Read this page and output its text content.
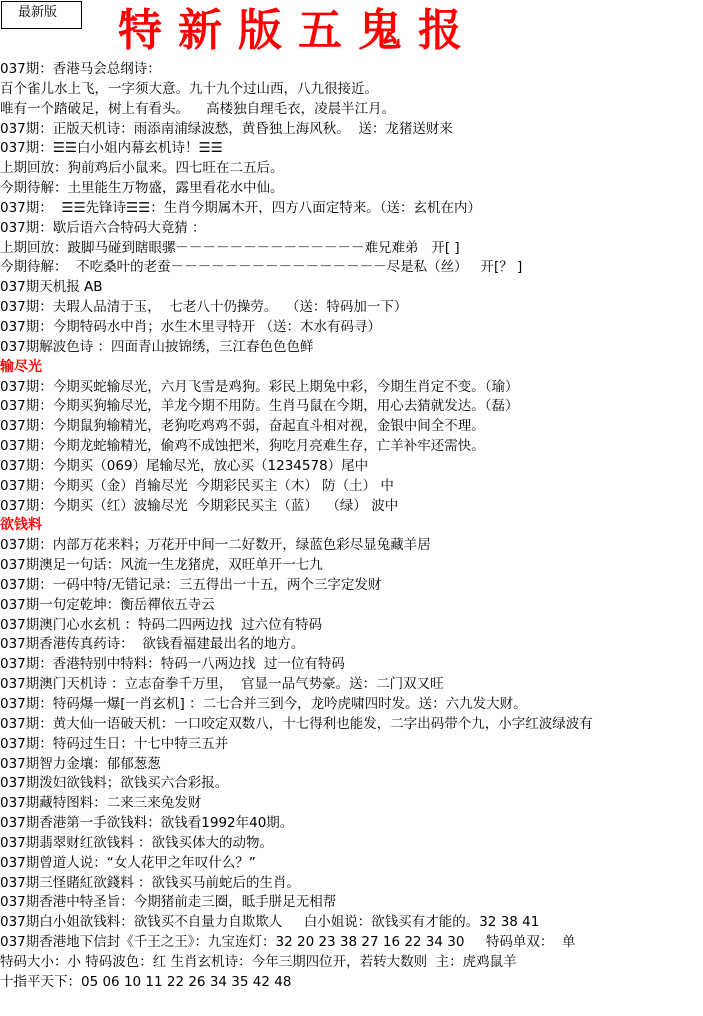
最新版	特新版五鬼报
037期：香港马会总纲诗：
百个雀儿水上飞，一字须大意。九十九个过山西，八九很接近。
唯有一个踏破足，树上有看头。    高楼独自理毛衣，凌晨半江月。
037期：正版天机诗：雨添南浦绿波愁，黄昏独上海风秋。  送：龙猪送财来
037期：☰☰白小姐内幕玄机诗！☰☰
上期回放：狗前鸡后小鼠来。四七旺在二五后。
今期待解：土里能生万物盛，露里看花水中仙。
037期：  ☰☰先锋诗☰☰：生肖今期属木开，四方八面定特来。（送：玄机在内）
037期：歇后语六合特码大竟猜 ：
上期回放：跛脚马碰到瞎眼骡－－－－－－－－－－－－－－难兄难弟   开[ ]
今期待解：  不吃桑叶的老蚕－－－－－－－－－－－－－－－－尽是私（丝）   开[？ ]
037期天机报 AB
037期：夫瑕人品清于玉，  七老八十仍操劳。  （送：特码加一下）
037期：今期特码水中肖；水生木里寻特开 （送：木水有码寻）
037期解波色诗 ：四面青山披锦绣，三江春色色色鲜
输尽光
037期：今期买蛇输尽光，六月飞雪是鸡狗。彩民上期兔中彩，今期生肖定不变。（瑜）
037期：今期买狗输尽光，羊龙今期不用防。生肖马鼠在今期，用心去猜就发达。（磊）
037期：今期鼠狗输精光，老狗吃鸡鸡不弱，奋起直斗相对视，金银中间全不理。
037期：今期龙蛇输精光，偷鸡不成蚀把米，狗吃月亮难生存，亡羊补牢还需快。
037期：今期买（069）尾输尽光，放心买（1234578）尾中
037期：今期买（金）肖输尽光  今期彩民买主（木） 防（土） 中
037期：今期买（红）波输尽光  今期彩民买主（蓝）  （绿） 波中
欲钱料
037期：内部万花来料；万花开中间一二好数开，绿蓝色彩尽显兔藏羊居
037期澳足一句话：风流一生龙猪虎，双旺单开一七九
037期：一码中特/无错记录：三五得出一十五，两个三字定发财
037期一句定乾坤：衡岳禪依五寺云
037期澳门心水玄机 ：特码二四两边找  过六位有特码
037期香港传真药诗：  欲钱看福建最出名的地方。
037期：香港特别中特料：特码一八两边找  过一位有特码
037期澳门天机诗 ：立志奋拳千万里，  官显一品气势豪。送：二门双又旺
037期：特码爆一爆[一肖玄机] ：二七合并三到今，龙吟虎啸四时发。送：六九发大财。
037期：黄大仙一语破天机：一口咬定双数八，十七得利也能发，二字出码带个九，小字红波绿波有
037期：特码过生日：十七中特三五并
037期智力金壤：郁郁葱葱
037期泼妇欲钱料；欲钱买六合彩报。
037期藏特图料：二来三来兔发财
037期香港第一手欲钱料：欲钱看1992年40期。
037期翡翠财红欲钱料 ：欲钱买体大的动物。
037期曾道人说：“女人花甲之年叹什么？”
037期三怪賭紅欲錢料 ：欲钱买马前蛇后的生肖。
037期香港中特圣旨：今期猪前走三圈，眡手胼足无相帮
037期白小姐欲钱料：欲钱买不自量力自欺欺人     白小姐说：欲钱买有才能的。32 38 41
037期香港地下信封《千王之王》：九宝连灯：32 20 23 38 27 16 22 34 30     特码单双：  单
特码大小：小 特码波色：红 生肖玄机诗：今年三期四位开，若转大数则  主：虎鸡鼠羊
十指平天下：05 06 10 11 22 26 34 35 42 48
